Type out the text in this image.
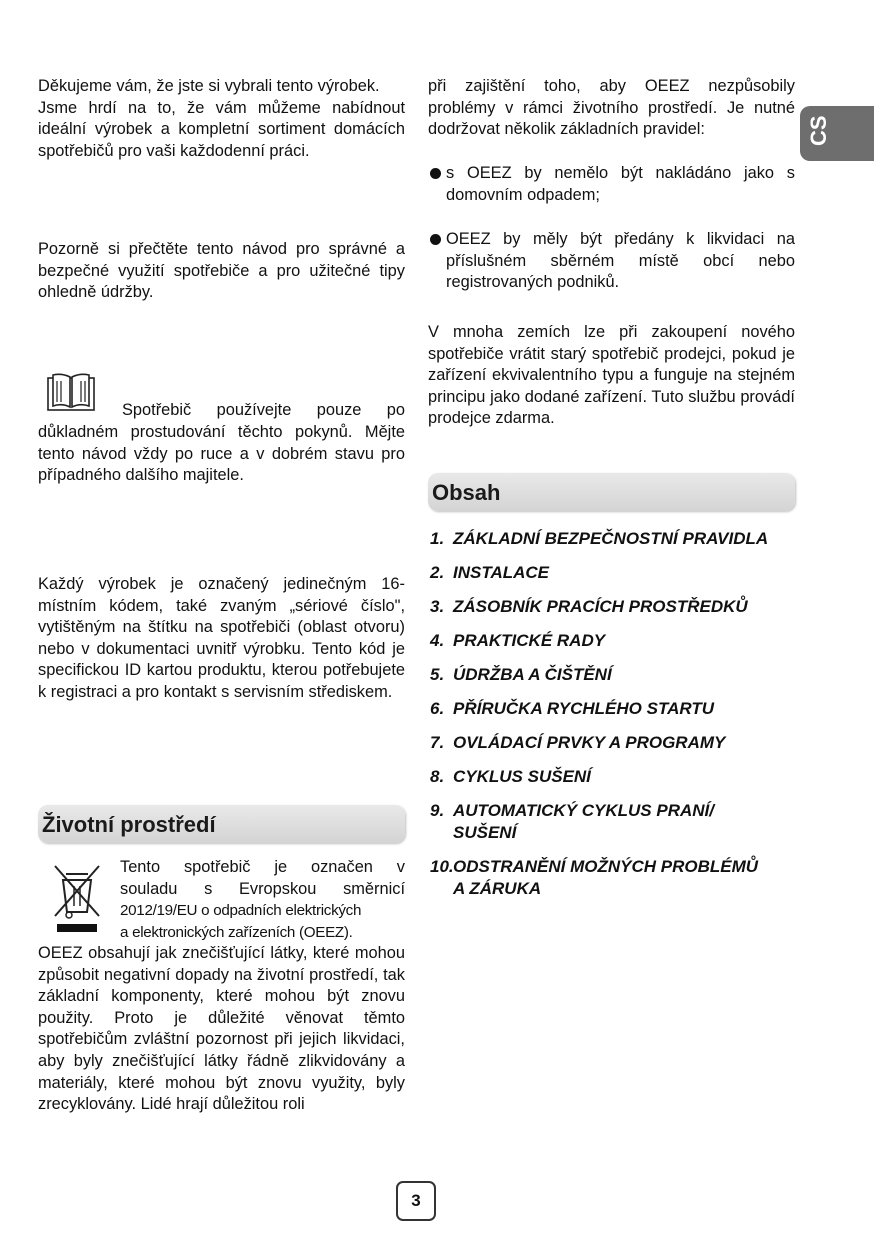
CS

Děkujeme vám, že jste si vybrali tento výrobek.

Jsme hrdí na to, že vám můžeme nabídnout ideální výrobek a kompletní sortiment domácích spotřebičů pro vaši každodenní práci.

Pozorně si přečtěte tento návod pro správné a bezpečné využití spotřebiče a pro užitečné tipy ohledně údržby.

Spotřebič používejte pouze po
důkladném prostudování těchto pokynů. Mějte tento návod vždy po ruce a v dobrém stavu pro případného dalšího majitele.
Každý výrobek je označený jedinečným 16-místním kódem, také zvaným „sériové číslo", vytištěným na štítku na spotřebiči (oblast otvoru) nebo v dokumentaci uvnitř výrobku. Tento kód je specifickou ID kartou produktu, kterou potřebujete k registraci a pro kontakt s servisním střediskem.
Životní prostředí
Tento spotřebič je označen v
souladu s Evropskou směrnicí
2012/19/EU o odpadních elektrických
a elektronických zařízeních (OEEZ).
OEEZ obsahují jak znečišťující látky, které mohou způsobit negativní dopady na životní prostředí, tak základní komponenty, které mohou být znovu použity. Proto je důležité věnovat těmto spotřebičům zvláštní pozornost při jejich likvidaci, aby byly znečišťující látky řádně zlikvidovány a materiály, které mohou být znovu využity, byly zrecyklovány. Lidé hrají důležitou roli
při zajištění toho, aby OEEZ nezpůsobily problémy v rámci životního prostředí. Je nutné dodržovat několik základních pravidel:
s OEEZ by nemělo být nakládáno jako s domovním odpadem;
OEEZ by měly být předány k likvidaci na příslušném sběrném místě obcí nebo registrovaných podniků.
V mnoha zemích lze při zakoupení nového spotřebiče vrátit starý spotřebič prodejci, pokud je zařízení ekvivalentního typu a funguje na stejném principu jako dodané zařízení. Tuto službu provádí prodejce zdarma.
Obsah
1. ZÁKLADNÍ BEZPEČNOSTNÍ PRAVIDLA
2. INSTALACE
3. ZÁSOBNÍK PRACÍCH PROSTŘEDKŮ
4. PRAKTICKÉ RADY
5. ÚDRŽBA A ČIŠTĚNÍ
6. PŘÍRUČKA RYCHLÉHO STARTU
7. OVLÁDACÍ PRVKY A PROGRAMY
8. CYKLUS SUŠENÍ
9. AUTOMATICKÝ CYKLUS PRANÍ/
SUŠENÍ
10. ODSTRANĚNÍ MOŽNÝCH PROBLÉMŮ
A ZÁRUKA
3
